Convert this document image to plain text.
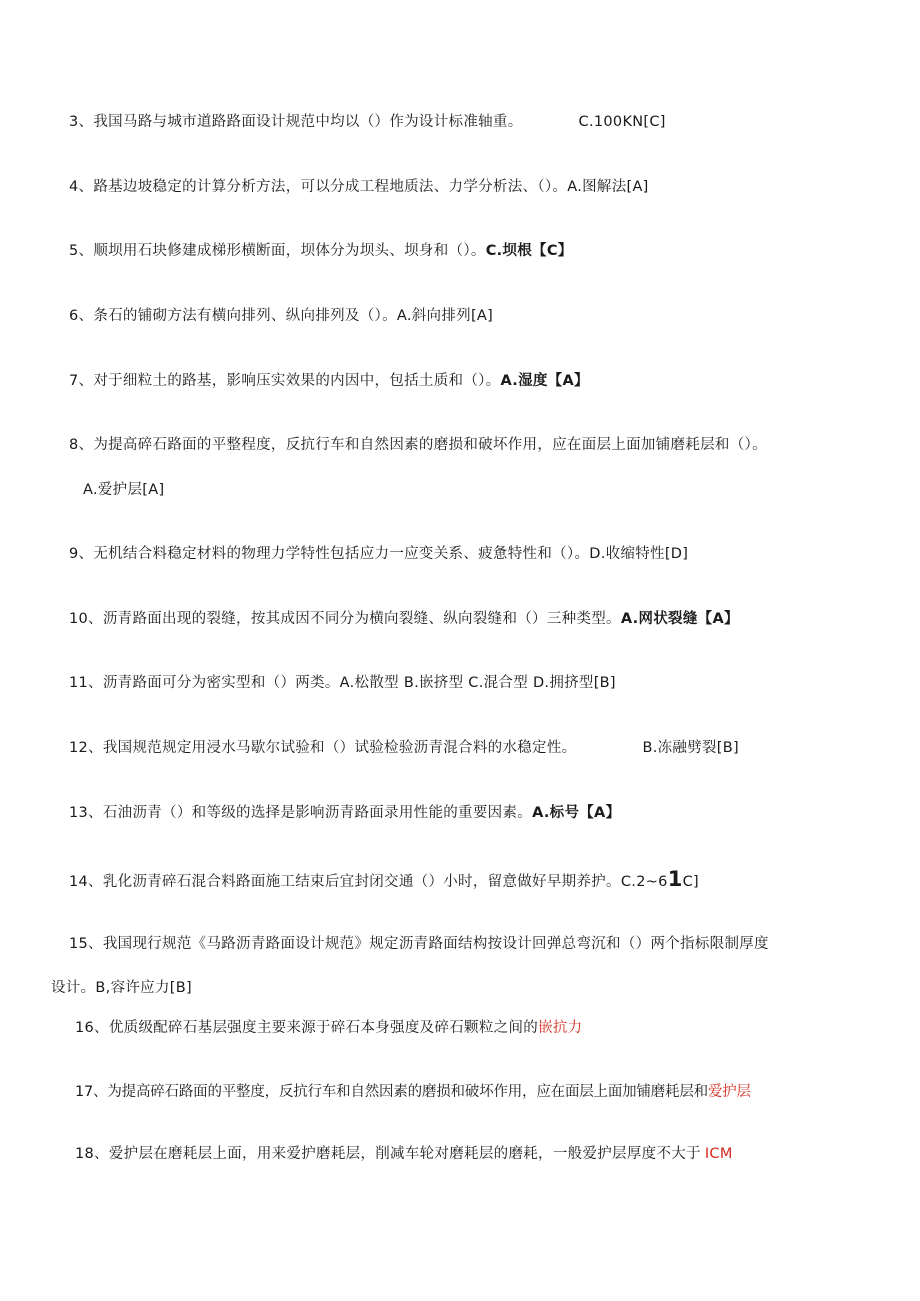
3、我国马路与城市道路路面设计规范中均以（）作为设计标准轴重。	C.100KN[C]
4、路基边坡稳定的计算分析方法，可以分成工程地质法、力学分析法、（）。A.图解法[A]
5、顺坝用石块修建成梯形横断面，坝体分为坝头、坝身和（）。C.坝根【C】
6、条石的铺砌方法有横向排列、纵向排列及（）。A.斜向排列[A]
7、对于细粒土的路基，影响压实效果的内因中，包括土质和（）。A.湿度【A】
8、为提高碎石路面的平整程度，反抗行车和自然因素的磨损和破坏作用，应在面层上面加铺磨耗层和（）。
A.爱护层[A]
9、无机结合料稳定材料的物理力学特性包括应力一应变关系、疲惫特性和（）。D.收缩特性[D]
10、沥青路面出现的裂缝，按其成因不同分为横向裂缝、纵向裂缝和（）三种类型。A.网状裂缝【A】
11、沥青路面可分为密实型和（）两类。A.松散型 B.嵌挤型 C.混合型 D.拥挤型[B]
12、我国规范规定用浸水马歇尔试验和（）试验检验沥青混合料的水稳定性。	B.冻融劈裂[B]
13、石油沥青（）和等级的选择是影响沥青路面录用性能的重要因素。A.标号【A】
14、乳化沥青碎石混合料路面施工结束后宜封闭交通（）小时，留意做好早期养护。C.2~61C]
15、我国现行规范《马路沥青路面设计规范》规定沥青路面结构按设计回弹总弯沉和（）两个指标限制厚度
设计。B,容许应力[B]
16、优质级配碎石基层强度主要来源于碎石本身强度及碎石颗粒之间的嵌抗力
17、为提高碎石路面的平整度，反抗行车和自然因素的磨损和破坏作用，应在面层上面加铺磨耗层和爱护层
18、爱护层在磨耗层上面，用来爱护磨耗层，削减车轮对磨耗层的磨耗，一般爱护层厚度不大于 ICM
